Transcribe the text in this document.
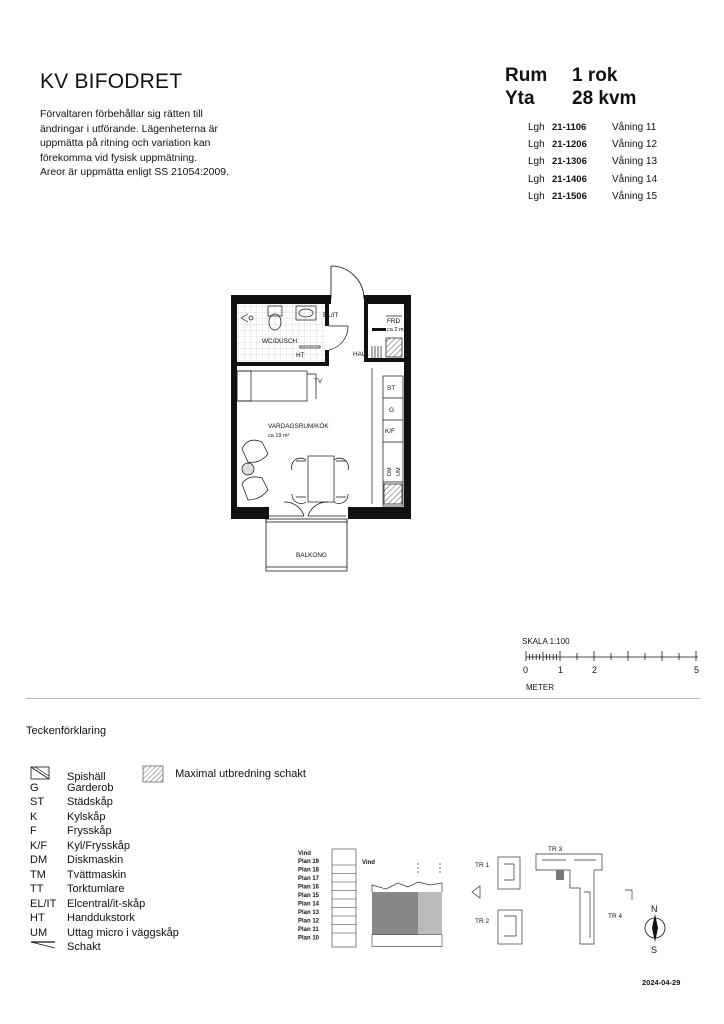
KV BIFODRET
Förvaltaren förbehållar sig rätten till
ändringar i utförande. Lägenheterna är
uppmätta på ritning och variation kan
förekomma vid fysisk uppmätning.
Areor är uppmätta enligt SS 21054:2009.
Rum 1 rok
Yta 28 kvm
Lgh 21-1106	Våning 11
Lgh 21-1206	Våning 12
Lgh 21-1306	Våning 13
Lgh 21-1406	Våning 14
Lgh 21-1506	Våning 15
WC/DUSCH
HT
EL/IT
FRD
ca 2 m²
HALL
TV
VARDAGSRUM/KÖK
ca 19 m²
ST
G
K/F
DM UM
BALKONG
SKALA 1:100
0	1	2	5
METER
Teckenförklaring
Spishäll
G	Garderob
ST Städskåp
K	Kylskåp
F	Frysskåp
K/F Kyl/Frysskåp
DM Diskmaskin
TM Tvättmaskin
TT Torktumlare
EL/IT Elcentral/it-skåp
HT Handdukstork
UM Uttag micro i väggskåp
Schakt
Maximal utbredning schakt
Vind
Plan 19
Plan 18
Plan 17
Plan 16
Plan 15
Plan 14
Plan 13
Plan 12
Plan 11
Plan 10
Vind	TR 1
TR 2
TR 3
TR 4
N
S
2024-04-29
